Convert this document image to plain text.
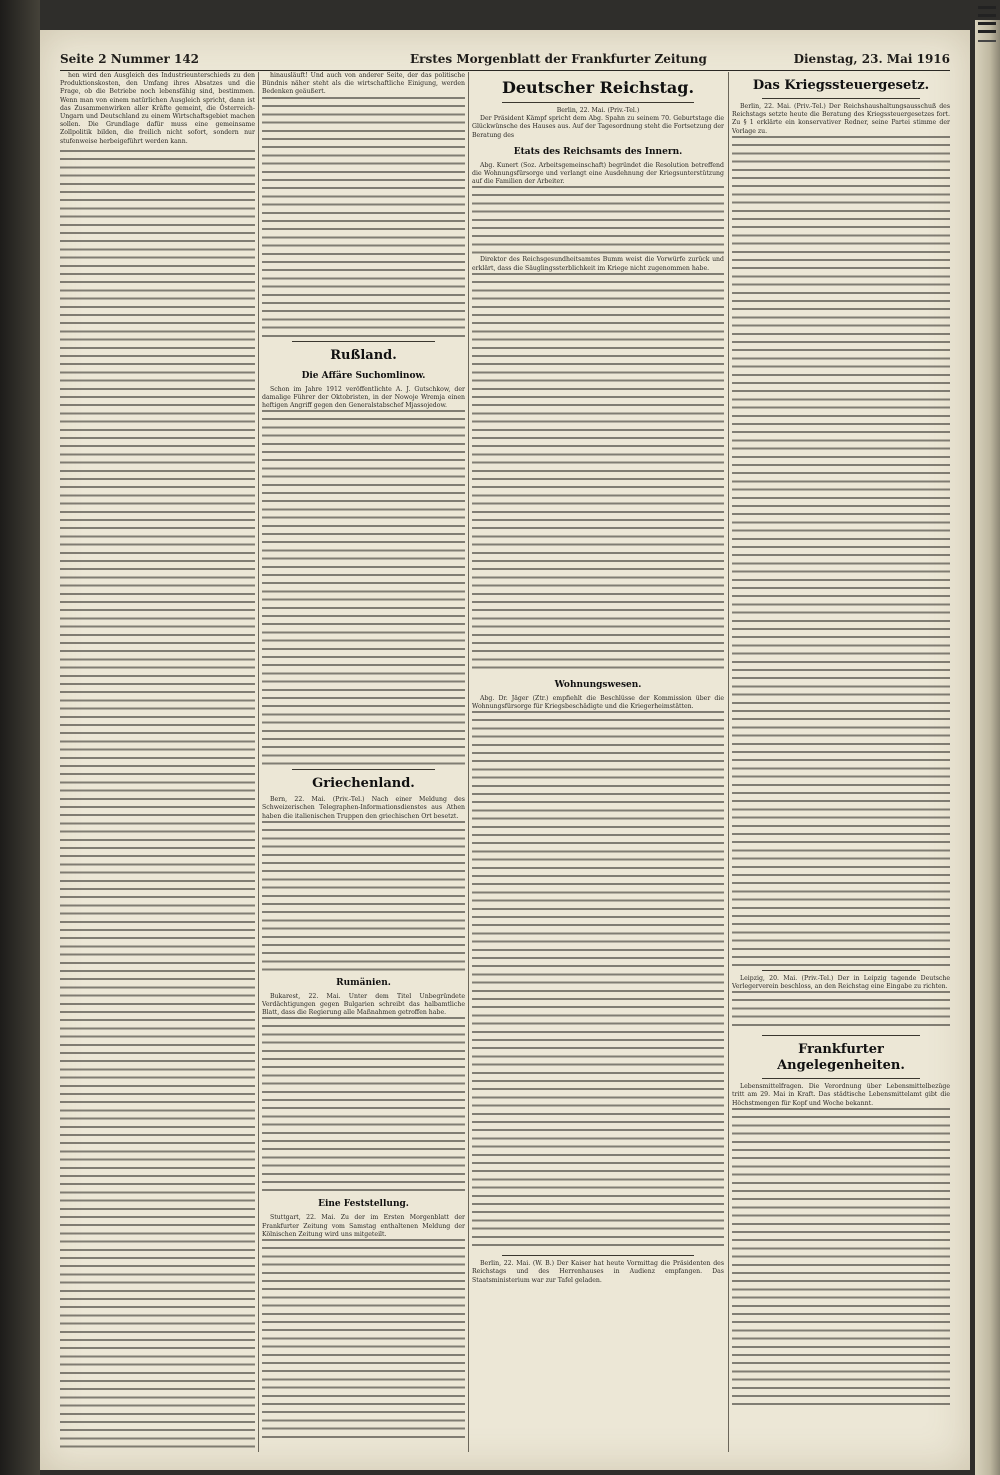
Seite 2 Nummer 142	Erstes Morgenblatt der Frankfurter Zeitung	Dienstag, 23. Mai 1916

hen wird den Ausgleich des Industrieunterschieds zu den Produktionskosten, den Umfang ihres Absatzes und die Frage, ob die Betriebe noch lebensfähig sind, bestimmen. Wenn man von einem natürlichen Ausgleich spricht, dann ist das Zusammenwirken aller Kräfte gemeint, die Österreich-Ungarn und Deutschland zu einem Wirtschaftsgebiet machen sollen. Die Grundlage dafür muss eine gemeinsame Zollpolitik bilden, die freilich nicht sofort, sondern nur stufenweise herbeigeführt werden kann.

hinausläuft! Und auch von anderer Seite, der das politische Bündnis näher steht als die wirtschaftliche Einigung, werden Bedenken geäußert.

Rußland.
Die Affäre Suchomlinow.

Schon im Jahre 1912 veröffentlichte A. J. Gutschkow, der damalige Führer der Oktobristen, in der Nowoje Wremja einen heftigen Angriff gegen den Generalstabschef Mjassojedow.

Griechenland.

Bern, 22. Mai. (Priv.-Tel.) Nach einer Meldung des Schweizerischen Telegraphen-Informationsdienstes aus Athen haben die italienischen Truppen den griechischen Ort besetzt.

Rumänien.

Bukarest, 22. Mai. Unter dem Titel Unbegründete Verdächtigungen gegen Bulgarien schreibt das halbamtliche Blatt, dass die Regierung alle Maßnahmen getroffen habe.

Eine Feststellung.

Stuttgart, 22. Mai. Zu der im Ersten Morgenblatt der Frankfurter Zeitung vom Samstag enthaltenen Meldung der Kölnischen Zeitung wird uns mitgeteilt.

Deutscher Reichstag.

Berlin, 22. Mai. (Priv.-Tel.)

Der Präsident Kämpf spricht dem Abg. Spahn zu seinem 70. Geburtstage die Glückwünsche des Hauses aus. Auf der Tagesordnung steht die Fortsetzung der Beratung des

Etats des Reichsamts des Innern.

Abg. Kunert (Soz. Arbeitsgemeinschaft) begründet die Resolution betreffend die Wohnungsfürsorge und verlangt eine Ausdehnung der Kriegsunterstützung auf die Familien der Arbeiter.

Direktor des Reichsgesundheitsamtes Bumm weist die Vorwürfe zurück und erklärt, dass die Säuglingssterblichkeit im Kriege nicht zugenommen habe.

Wohnungswesen.

Abg. Dr. Jäger (Ztr.) empfiehlt die Beschlüsse der Kommission über die Wohnungsfürsorge für Kriegsbeschädigte und die Kriegerheimstätten.

Berlin, 22. Mai. (W. B.) Der Kaiser hat heute Vormittag die Präsidenten des Reichstags und des Herrenhauses in Audienz empfangen. Das Staatsministerium war zur Tafel geladen.

Das Kriegssteuergesetz.

Berlin, 22. Mai. (Priv.-Tel.) Der Reichshaushaltungsausschuß des Reichstags setzte heute die Beratung des Kriegssteuergesetzes fort. Zu § 1 erklärte ein konservativer Redner, seine Partei stimme der Vorlage zu.

Leipzig, 20. Mai. (Priv.-Tel.) Der in Leipzig tagende Deutsche Verlegerverein beschloss, an den Reichstag eine Eingabe zu richten.

Frankfurter Angelegenheiten.

Lebensmittelfragen. Die Verordnung über Lebensmittelbezüge tritt am 29. Mai in Kraft. Das städtische Lebensmittelamt gibt die Höchstmengen für Kopf und Woche bekannt.
